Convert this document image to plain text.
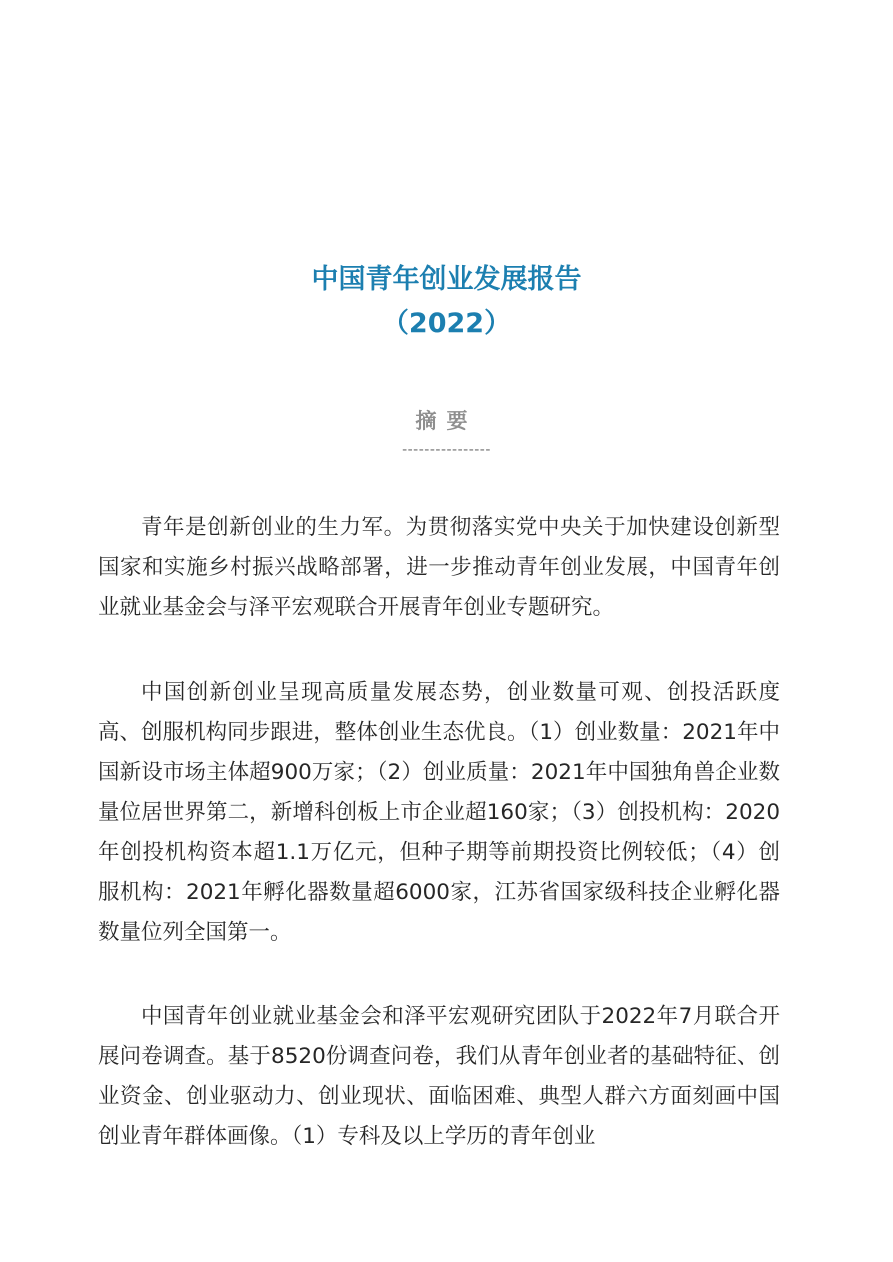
中国青年创业发展报告
（2022）
摘要
----------------

青年是创新创业的生力军。为贯彻落实党中央关于加快建设创新型国家和实施乡村振兴战略部署，进一步推动青年创业发展，中国青年创业就业基金会与泽平宏观联合开展青年创业专题研究。

中国创新创业呈现高质量发展态势，创业数量可观、创投活跃度高、创服机构同步跟进，整体创业生态优良。（1）创业数量：2021年中国新设市场主体超900万家；（2）创业质量：2021年中国独角兽企业数量位居世界第二，新增科创板上市企业超160家；（3）创投机构：2020年创投机构资本超1.1万亿元，但种子期等前期投资比例较低；（4）创服机构：2021年孵化器数量超6000家，江苏省国家级科技企业孵化器数量位列全国第一。

中国青年创业就业基金会和泽平宏观研究团队于2022年7月联合开展问卷调查。基于8520份调查问卷，我们从青年创业者的基础特征、创业资金、创业驱动力、创业现状、面临困难、典型人群六方面刻画中国创业青年群体画像。（1）专科及以上学历的青年创业
